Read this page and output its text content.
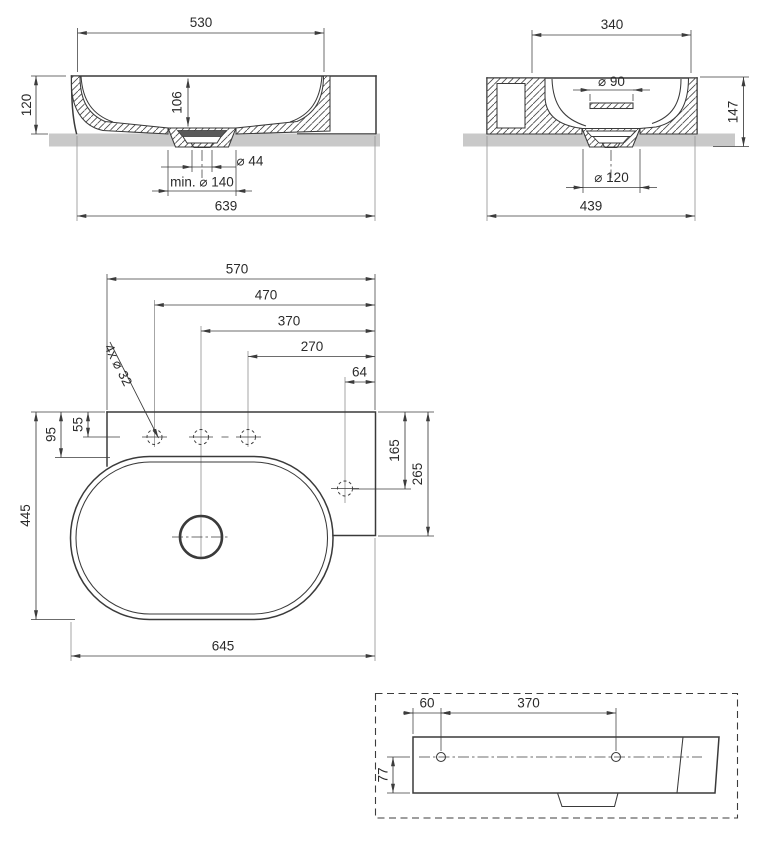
530
120	106
⌀ 44
min. ⌀ 140
639
340
⌀ 90
147
⌀ 120
439
570
470
370
270
64
4x ⌀ 32
55
95
445
165
265
645
60	370
77
